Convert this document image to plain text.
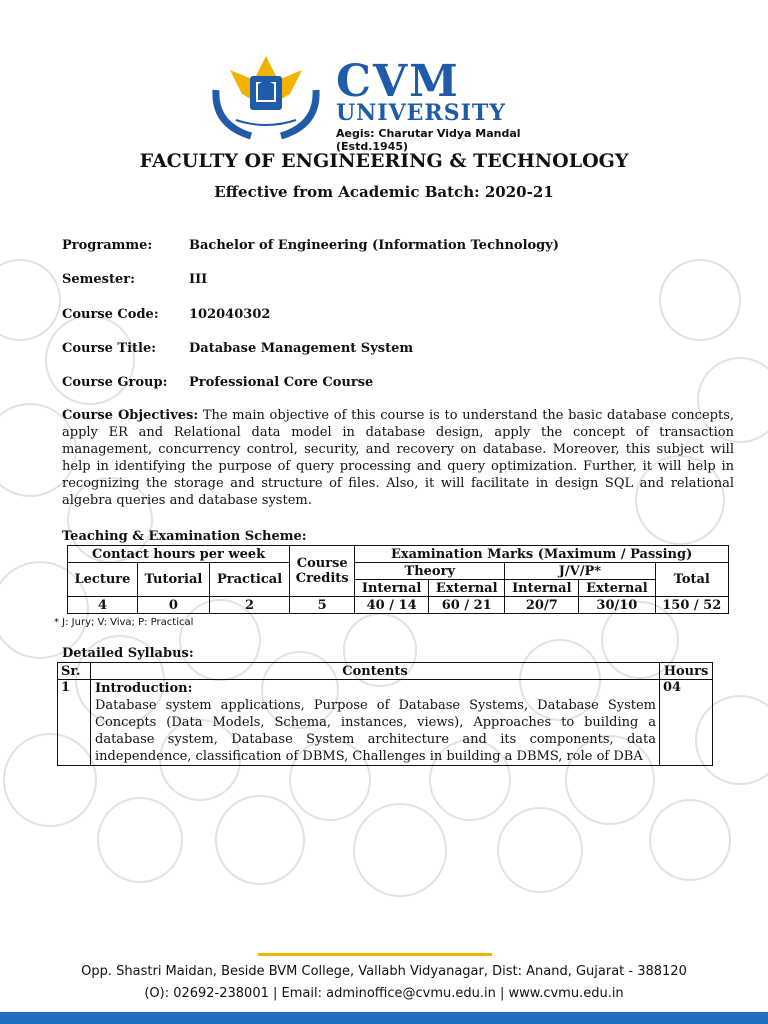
CVM
UNIVERSITY
Aegis: Charutar Vidya Mandal (Estd.1945)
FACULTY OF ENGINEERING & TECHNOLOGY
Effective from Academic Batch: 2020-21
Programme:	Bachelor of Engineering (Information Technology)
Semester:	III
Course Code: 102040302
Course Title:	Database Management System
Course Group: Professional Core Course
Course Objectives: The main objective of this course is to understand the basic database concepts, apply ER and Relational data model in database design, apply the concept of transaction management, concurrency control, security, and recovery on database. Moreover, this subject will help in identifying the purpose of query processing and query optimization. Further, it will help in recognizing the storage and structure of files. Also, it will facilitate in design SQL and relational algebra queries and database system.
Teaching & Examination Scheme:
Contact hours per week			Course Credits	Examination Marks (Maximum / Passing)				
Lecture	Tutorial	Practical		Theory		J/V/P*		Total
				Internal	External	Internal	External	
4	0	2	5	40 / 14	60 / 21	20/7	30/10	150 / 52
* J: Jury; V: Viva; P: Practical
Detailed Syllabus:
Sr.	Contents	Hours
1	Introduction:
Database system applications, Purpose of Database Systems, Database System Concepts (Data Models, Schema, instances, views), Approaches to building a database system, Database System architecture and its components, data independence, classification of DBMS, Challenges in building a DBMS, role of DBA	04
Opp. Shastri Maidan, Beside BVM College, Vallabh Vidyanagar, Dist: Anand, Gujarat - 388120
(O): 02692-238001 | Email: adminoffice@cvmu.edu.in | www.cvmu.edu.in
